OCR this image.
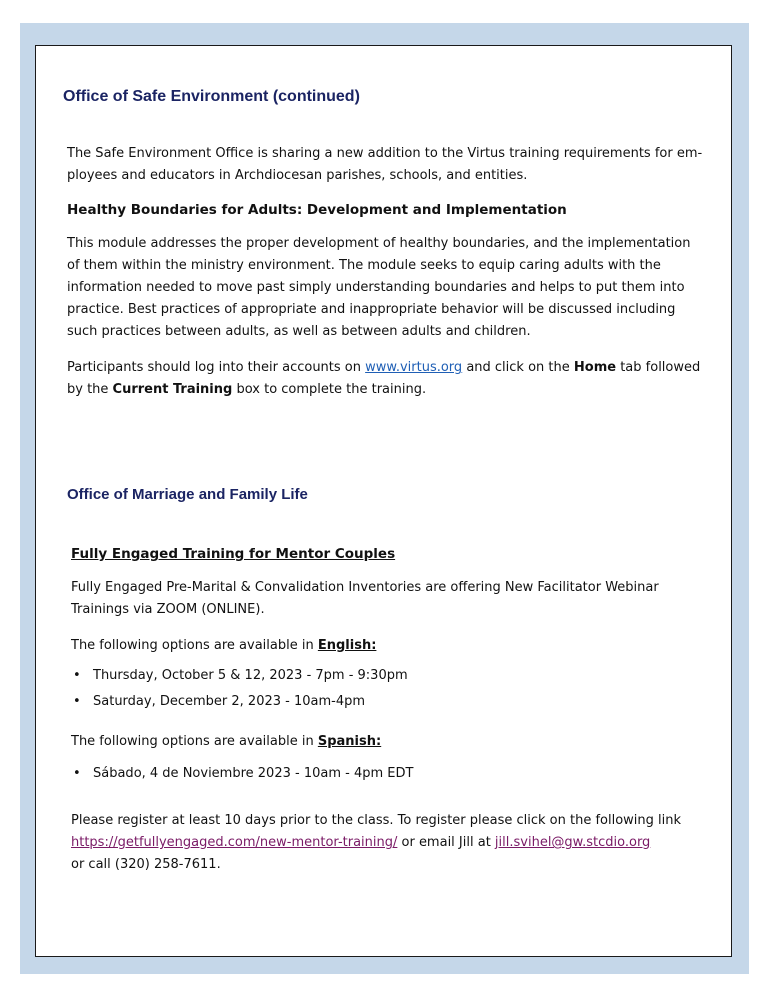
Office of Safe Environment (continued)

The Safe Environment Office is sharing a new addition to the Virtus training requirements for em-ployees and educators in Archdiocesan parishes, schools, and entities.

Healthy Boundaries for Adults: Development and Implementation

This module addresses the proper development of healthy boundaries, and the implementation of them within the ministry environment. The module seeks to equip caring adults with the information needed to move past simply understanding boundaries and helps to put them into practice. Best practices of appropriate and inappropriate behavior will be discussed including such practices between adults, as well as between adults and children.

Participants should log into their accounts on www.virtus.org and click on the Home tab followed by the Current Training box to complete the training.

Office of Marriage and Family Life

Fully Engaged Training for Mentor Couples

Fully Engaged Pre-Marital & Convalidation Inventories are offering New Facilitator Webinar Trainings via ZOOM (ONLINE).

The following options are available in English:

• Thursday, October 5 & 12, 2023 - 7pm - 9:30pm
• Saturday, December 2, 2023 - 10am-4pm

The following options are available in Spanish:

• Sábado, 4 de Noviembre 2023 - 10am - 4pm EDT

Please register at least 10 days prior to the class. To register please click on the following link
https://getfullyengaged.com/new-mentor-training/ or email Jill at jill.svihel@gw.stcdio.org
or call (320) 258-7611.
